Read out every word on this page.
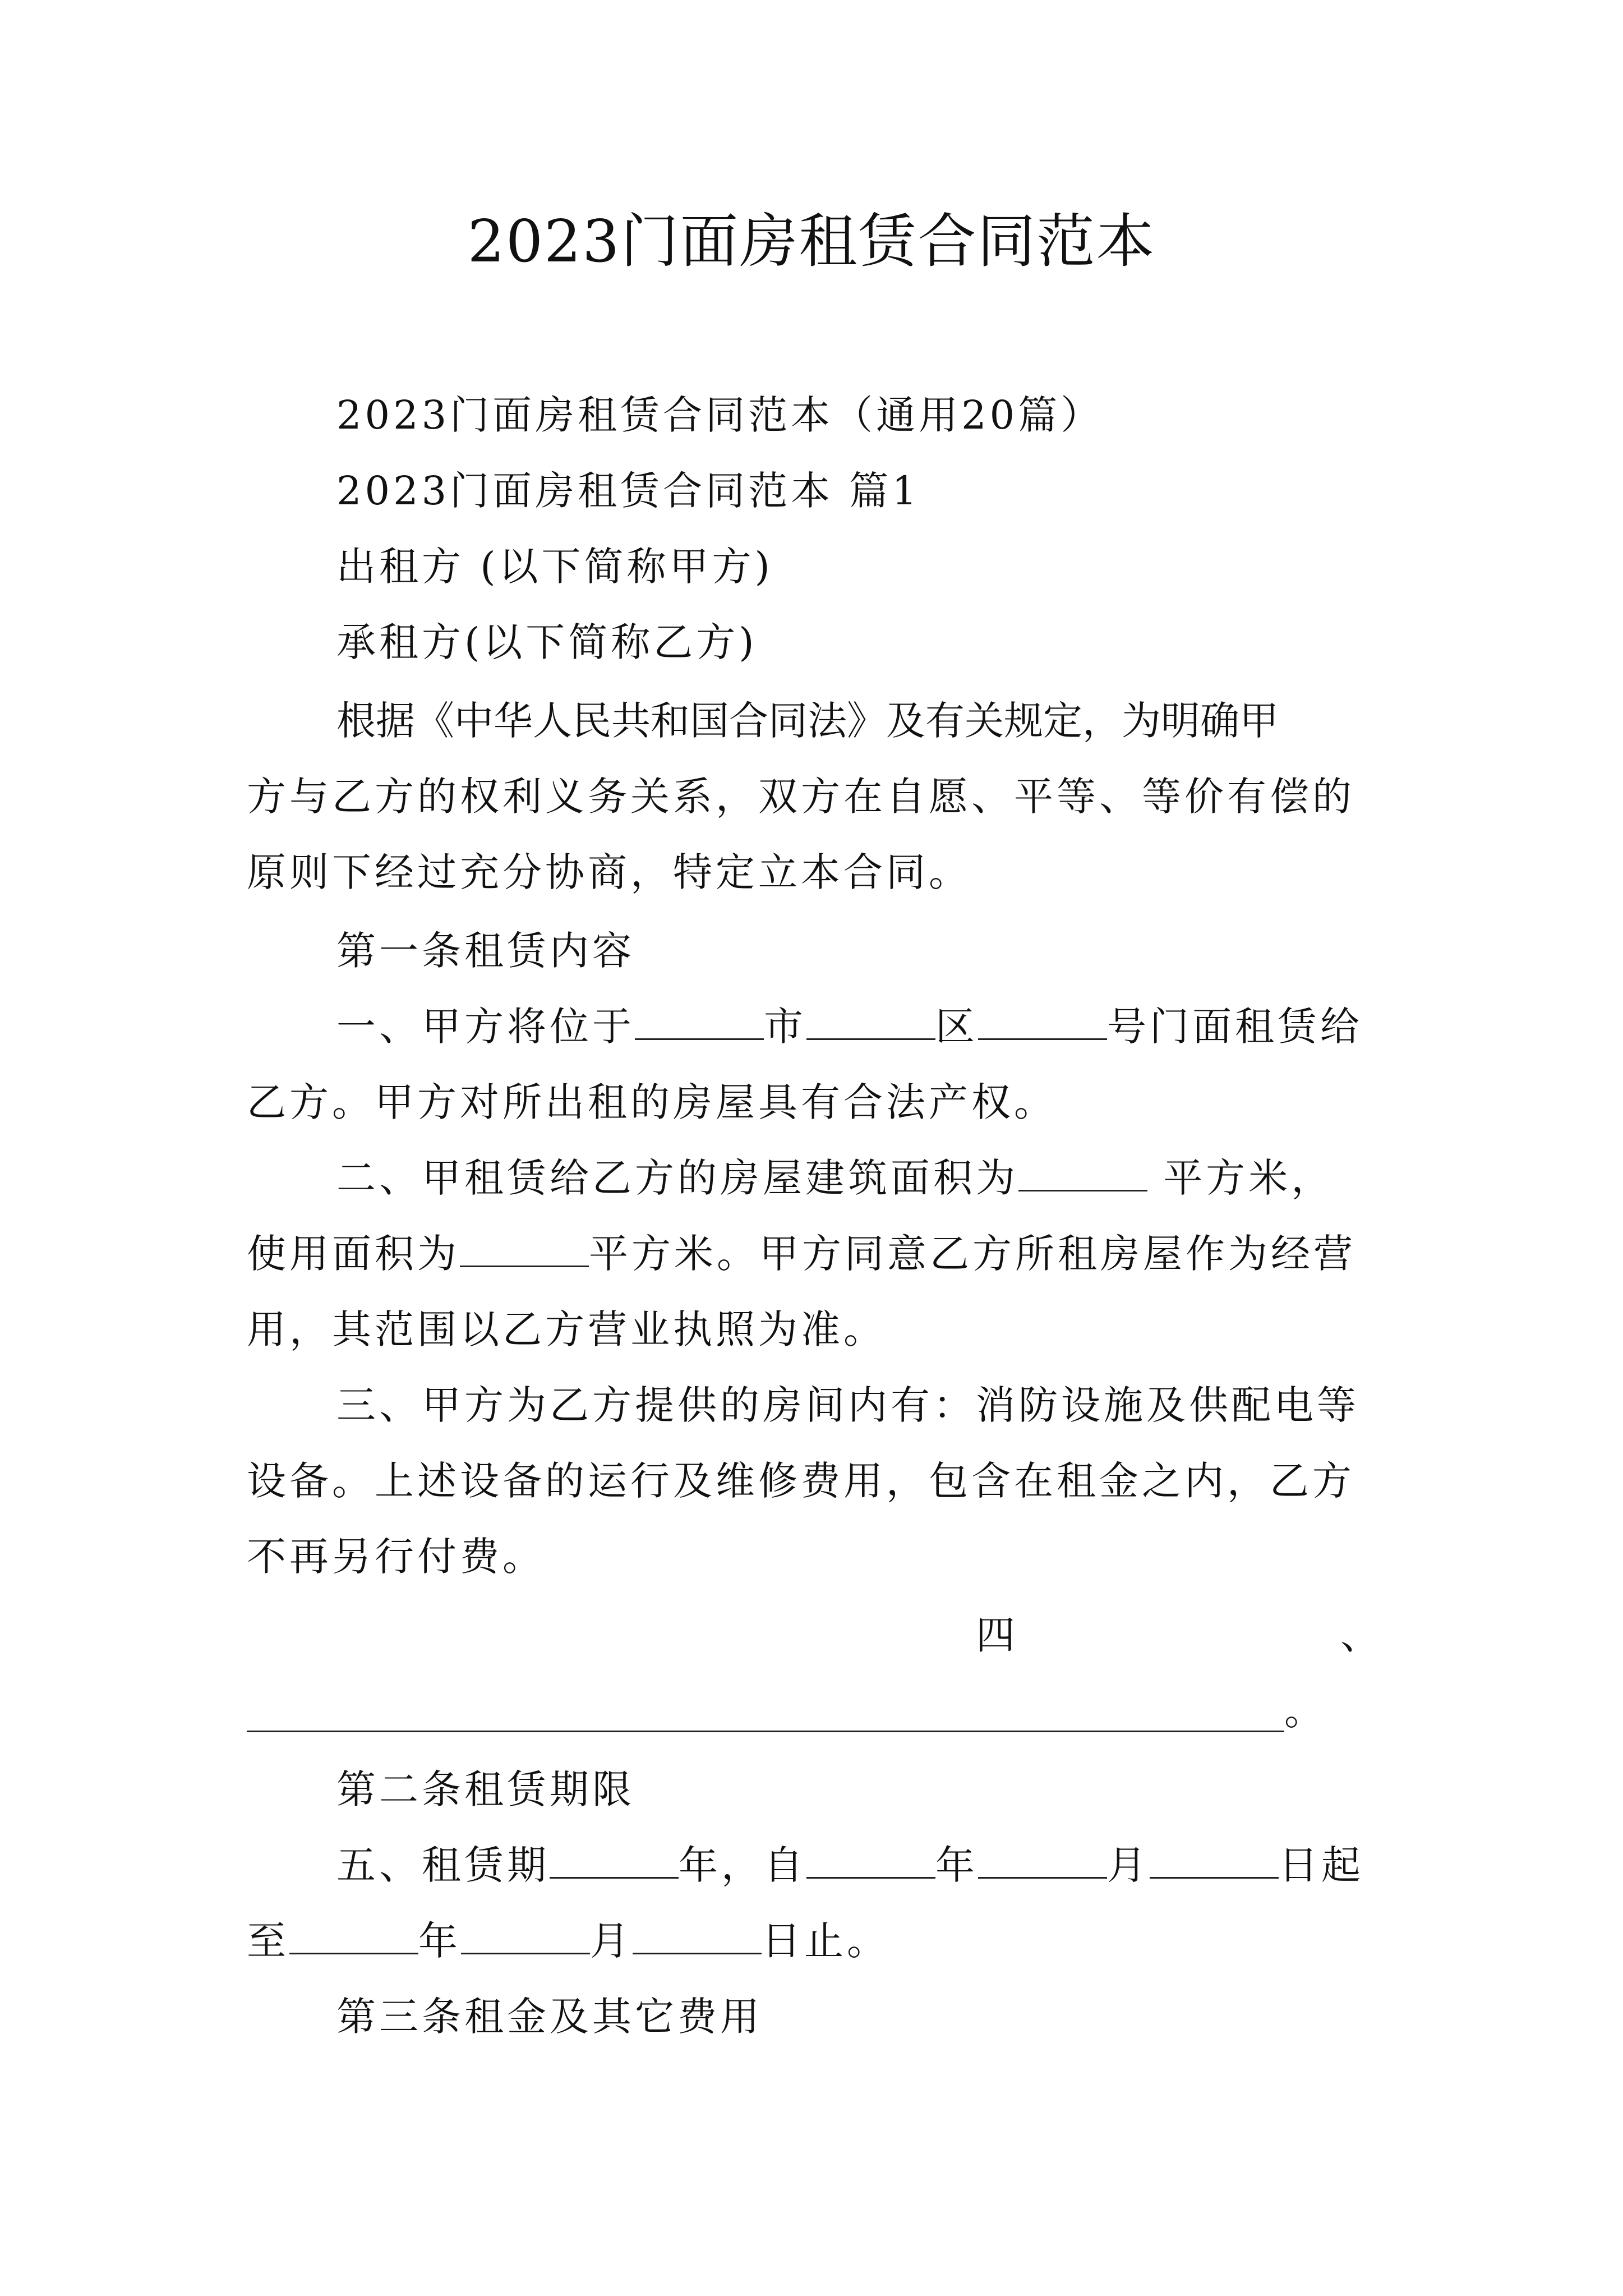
2023门面房租赁合同范本
2023门面房租赁合同范本（通用20篇）
2023门面房租赁合同范本 篇1
出租方 (以下简称甲方)
承租方(以下简称乙方)
根据《中华人民共和国合同法》及有关规定，为明确甲
方与乙方的权利义务关系，双方在自愿、平等、等价有偿的
原则下经过充分协商，特定立本合同。
第一条租赁内容
一、甲方将位于	市	区	号门面租赁给
乙方。甲方对所出租的房屋具有合法产权。
二、甲租赁给乙方的房屋建筑面积为	平方米，
使用面积为	平方米。甲方同意乙方所租房屋作为经营
用，其范围以乙方营业执照为准。
三、甲方为乙方提供的房间内有：消防设施及供配电等
设备。上述设备的运行及维修费用，包含在租金之内，乙方
不再另行付费。
四	、
。
第二条租赁期限
五、租赁期	年，自	年	月	日起
至	年	月	日止。
第三条租金及其它费用
